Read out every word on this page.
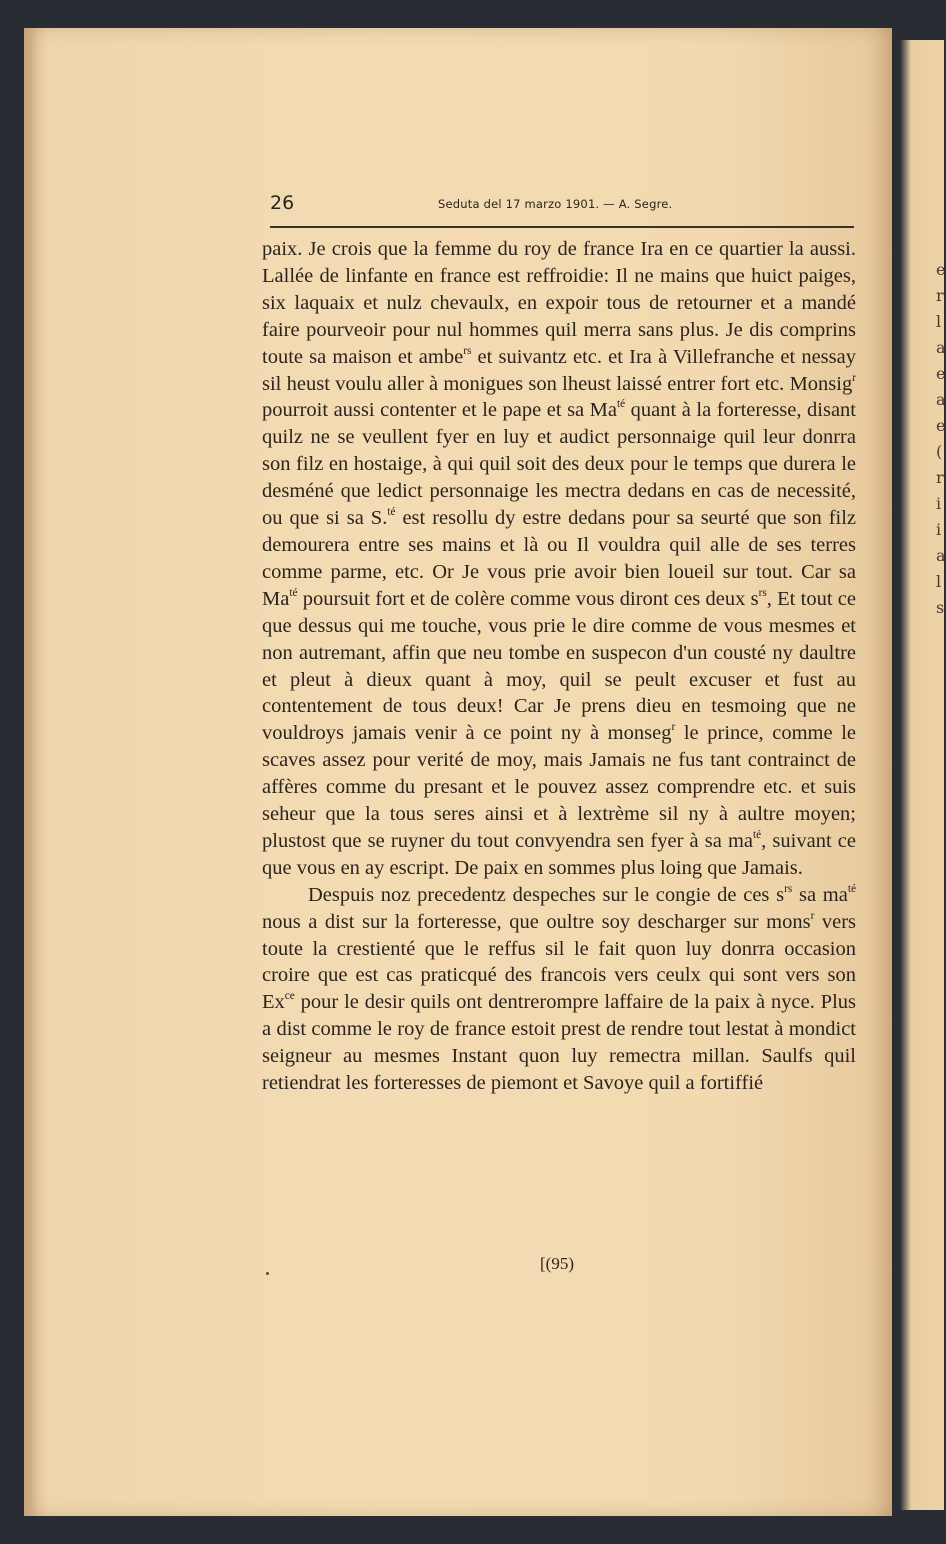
e
r
l
a
e
a
e
(
r
i
i
a
l
s
26	Seduta del 17 marzo 1901. — A. Segre.

paix. Je crois que la femme du roy de france Ira en ce quartier la aussi. Lallée de linfante en france est reffroidie: Il ne mains que huict paiges, six laquaix et nulz chevaulx, en expoir tous de retourner et a mandé faire pourveoir pour nul hommes quil merra sans plus. Je dis comprins toute sa maison et ambe$^{rs}$ et suivantz etc. et Ira à Villefranche et nessay sil heust voulu aller à monigues son lheust laissé entrer fort etc. Monsig$^r$ pourroit aussi contenter et le pape et sa $Ma^{té}$ quant à la forteresse, disant quilz ne se veullent fyer en luy et audict personnaige quil leur donrra son filz en hostaige, à qui quil soit des deux pour le temps que durera le desméné que ledict personnaige les mectra dedans en cas de necessité, ou que si sa S.$^{té}$ est resollu dy estre dedans pour sa seurté que son filz demourera entre ses mains et là ou Il vouldra quil alle de ses terres comme parme, etc. Or Je vous prie avoir bien loueil sur tout. Car sa $Ma^{té}$ poursuit fort et de colère comme vous diront ces deux $s^{rs}$, Et tout ce que dessus qui me touche, vous prie le dire comme de vous mesmes et non autremant, affin que neu tombe en suspecon d'un cousté ny daultre et pleut à dieux quant à moy, quil se peult excuser et fust au contentement de tous deux! Car Je prens dieu en tesmoing que ne vouldroys jamais venir à ce point ny à monseg$^r$ le prince, comme le scaves assez pour verité de moy, mais Jamais ne fus tant contrainct de affères comme du presant et le pouvez assez comprendre etc. et suis seheur que la tous seres ainsi et à lextrème sil ny à aultre moyen; plustost que se ruyner du tout convyendra sen fyer à sa $ma^{té}$, suivant ce que vous en ay escript. De paix en sommes plus loing que Jamais.

Despuis noz precedentz despeches sur le congie de ces $s^{rs}$ sa $ma^{té}$ nous a dist sur la forteresse, que oultre soy descharger sur mons$^r$ vers toute la crestienté que le reffus sil le fait quon luy donrra occasion croire que est cas praticqué des francois vers ceulx qui sont vers son $Ex^{ce}$ pour le desir quils ont dentrerompre laffaire de la paix à nyce. Plus a dist comme le roy de france estoit prest de rendre tout lestat à mondict seigneur au mesmes Instant quon luy remectra millan. Saulfs quil retiendrat les forteresses de piemont et Savoye quil a fortiffié

[(95)
